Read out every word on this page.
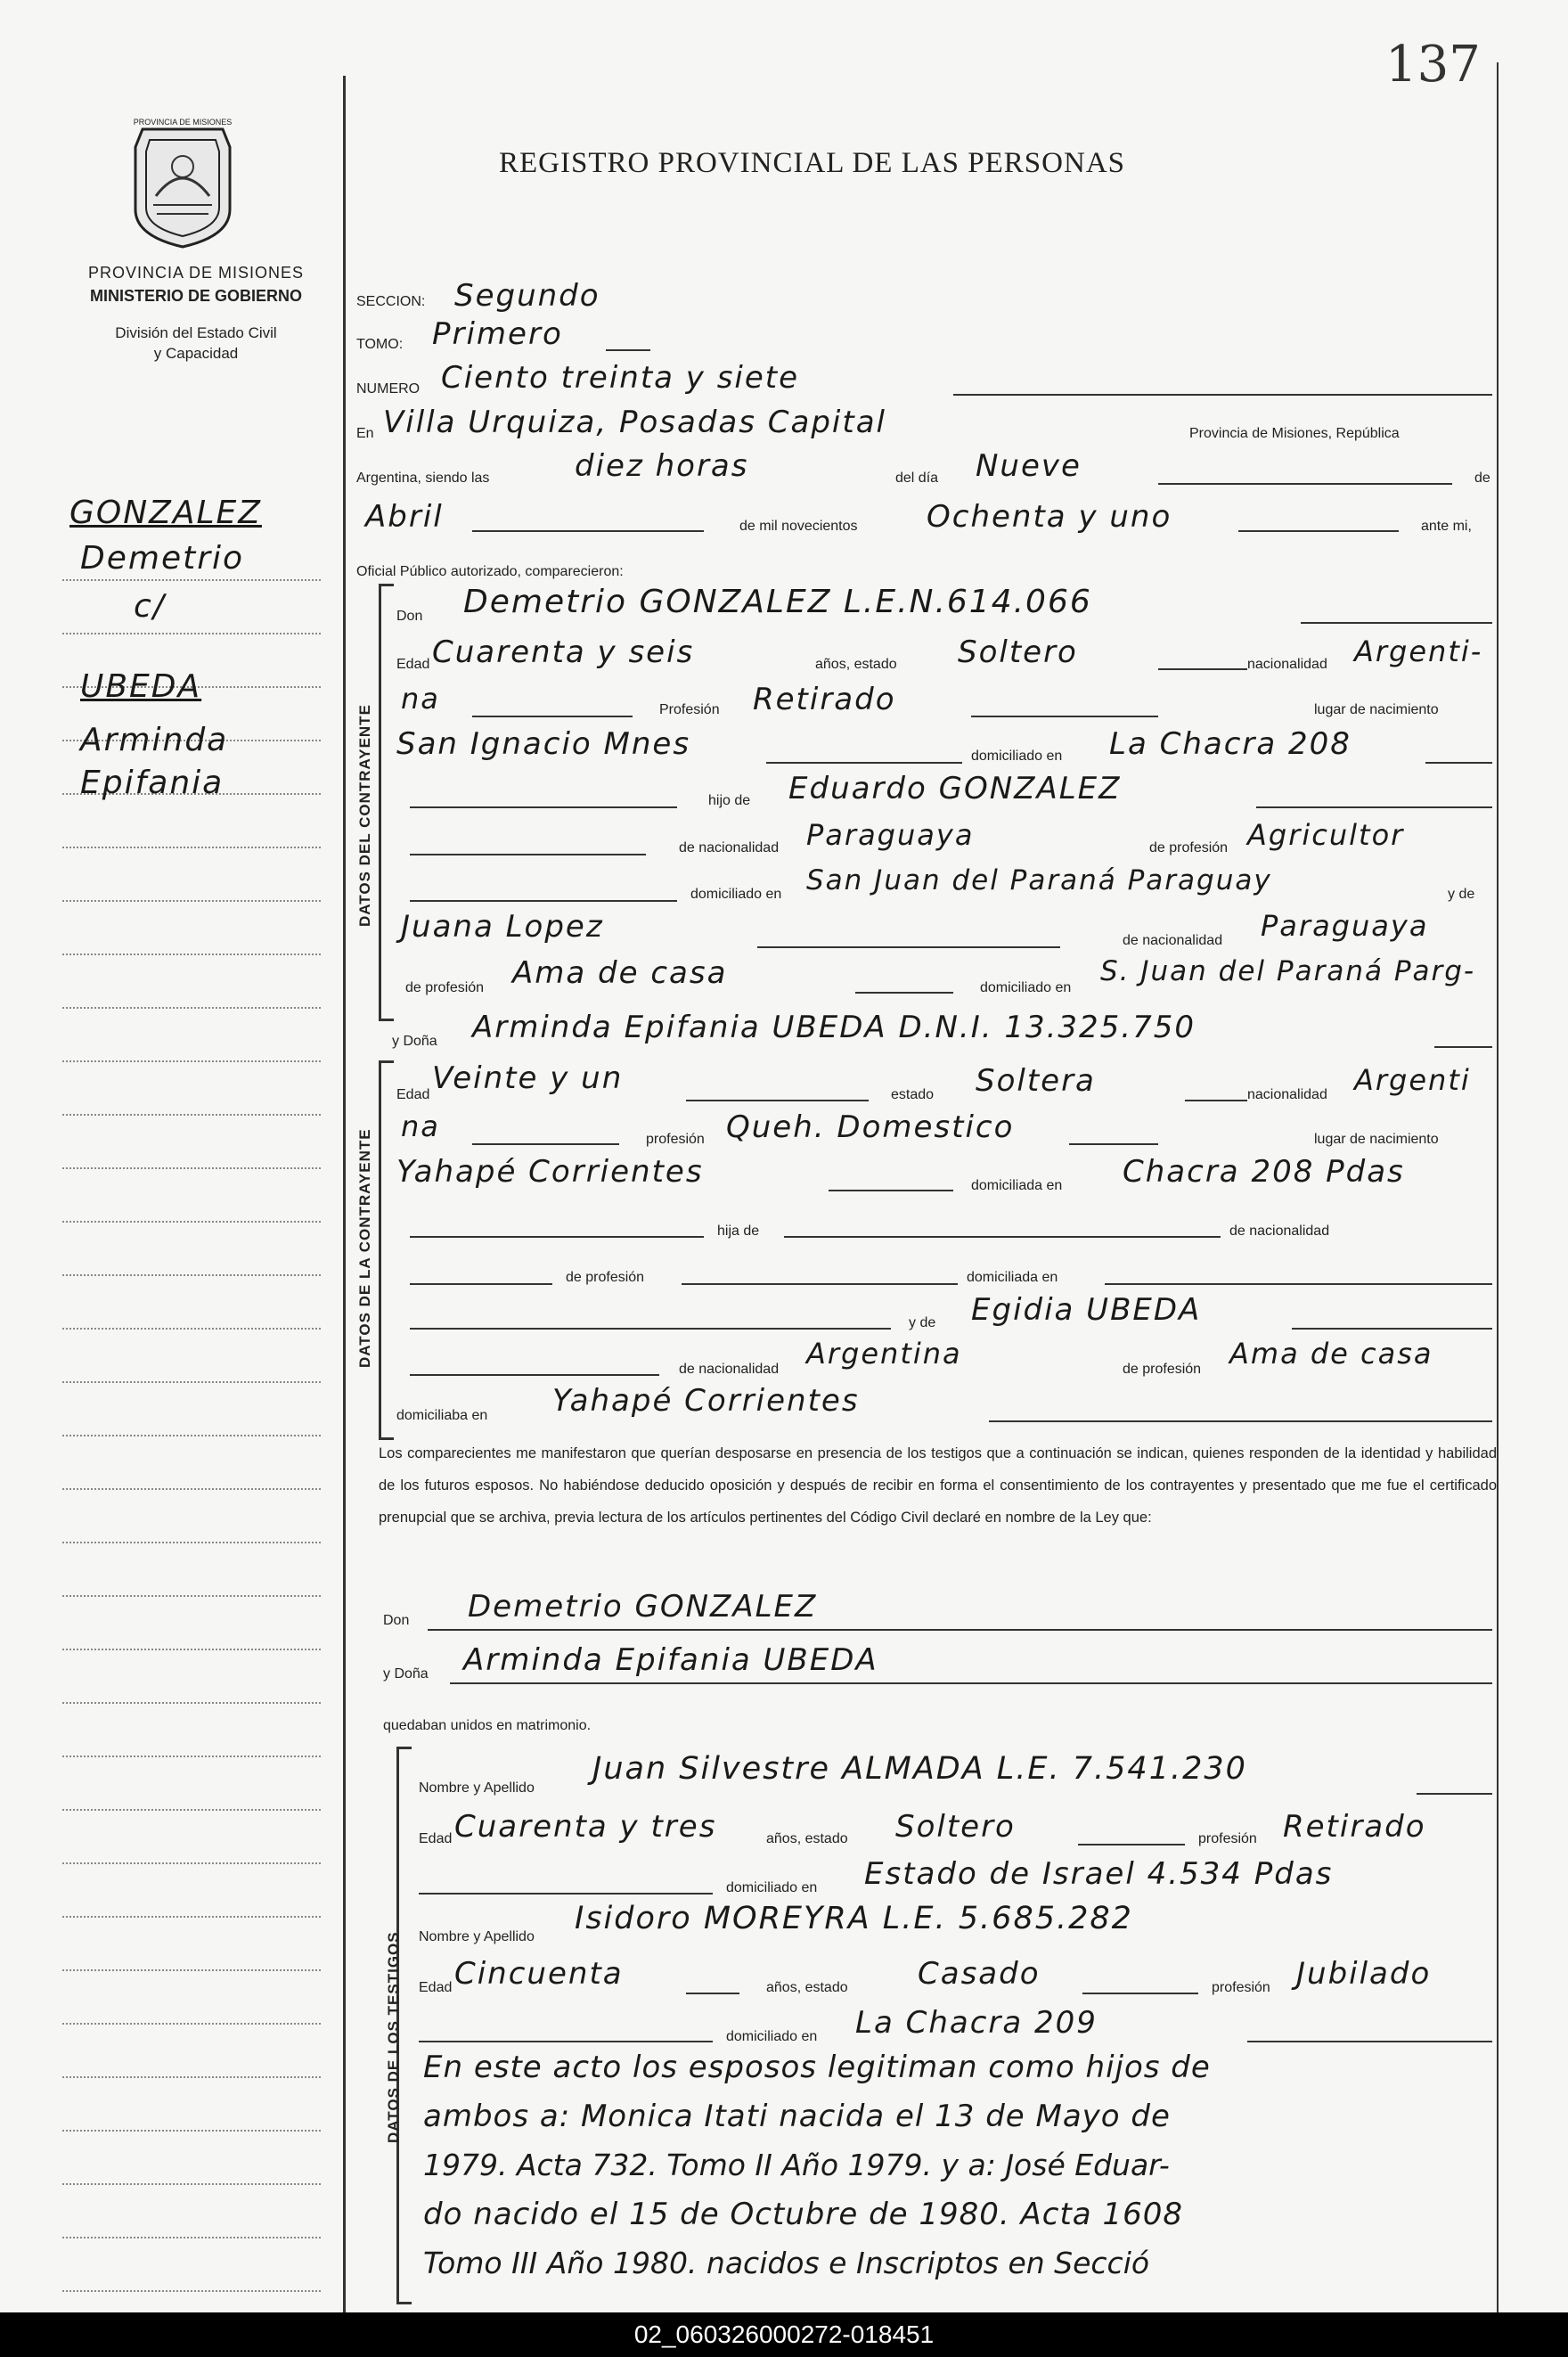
137
PROVINCIA DE MISIONES
PROVINCIA DE MISIONES
MINISTERIO DE GOBIERNO
División del Estado Civil
y Capacidad
REGISTRO PROVINCIAL DE LAS PERSONAS
GONZALEZ
Demetrio
c/
UBEDA
Arminda
Epifania
SECCION: Segundo
TOMO: Primero
NUMERO Ciento treinta y siete
En Villa Urquiza, Posadas Capital	Provincia de Misiones, República
Argentina, siendo las	diez horas	del día Nueve	de
Abril	de mil novecientos Ochenta y uno	ante mi,
Oficial Público autorizado, comparecieron:
DATOS DEL CONTRAYENTE
Don Demetrio GONZALEZ L.E.N.614.066
Edad Cuarenta y seis	años, estado Soltero	nacionalidad Argenti-
na	Profesión Retirado	lugar de nacimiento
San Ignacio Mnes	domiciliado en La Chacra 208
hijo de Eduardo GONZALEZ
de nacionalidad Paraguaya	de profesión Agricultor
domiciliado en San Juan del Paraná Paraguay	y de
Juana Lopez	de nacionalidad Paraguaya
de profesión Ama de casa	domiciliado en
S. Juan del Paraná Parg-
y Doña Arminda Epifania UBEDA D.N.I. 13.325.750
DATOS DE LA CONTRAYENTE
Edad Veinte y un	estado Soltera	nacionalidad Argenti
na	profesión Queh. Domestico	lugar de nacimiento
Yahapé Corrientes	domiciliada en Chacra 208 Pdas
hija de	de nacionalidad
de profesión	domiciliada en
y de Egidia UBEDA
de nacionalidad Argentina	de profesión Ama de casa
domiciliaba en Yahapé Corrientes
Los comparecientes me manifestaron que querían desposarse en presencia de los testigos que a continuación se indican, quienes responden de la identidad y habilidad de los futuros esposos. No habiéndose deducido oposición y después de recibir en forma el consentimiento de los contrayentes y presentado que me fue el certificado prenupcial que se archiva, previa lectura de los artículos pertinentes del Código Civil declaré en nombre de la Ley que:
Don Demetrio GONZALEZ
y Doña Arminda Epifania UBEDA
quedaban unidos en matrimonio.
DATOS DE LOS TESTIGOS
Nombre y Apellido
Juan Silvestre ALMADA L.E. 7.541.230
Edad Cuarenta y tres	años, estado Soltero	profesión Retirado
domiciliado en Estado de Israel 4.534 Pdas
Nombre y Apellido
Isidoro MOREYRA L.E. 5.685.282
Edad Cincuenta	años, estado Casado	profesión Jubilado
domiciliado en La Chacra 209
En este acto los esposos legitiman como hijos de
ambos a: Monica Itati nacida el 13 de Mayo de
1979. Acta 732. Tomo II Año 1979. y a: José Eduar-
do nacido el 15 de Octubre de 1980. Acta 1608
Tomo III Año 1980. nacidos e Inscriptos en Secció
02_060326000272-018451
